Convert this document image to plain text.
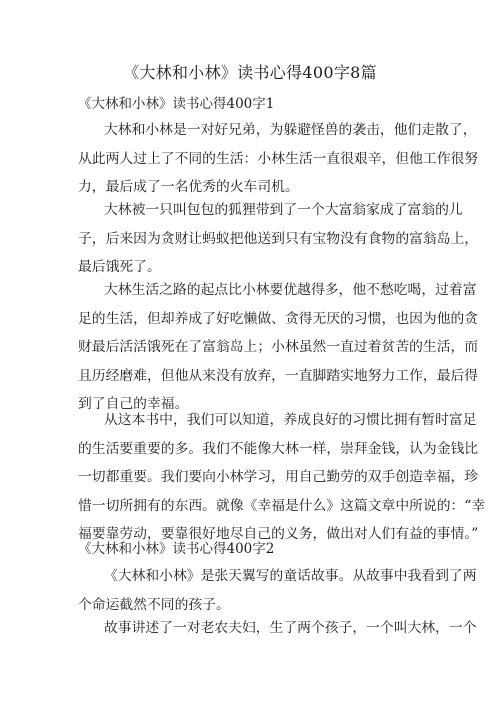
《大林和小林》读书心得400字8篇
《大林和小林》读书心得400字1
大林和小林是一对好兄弟，为躲避怪兽的袭击，他们走散了，
从此两人过上了不同的生活：小林生活一直很艰辛，但他工作很努
力，最后成了一名优秀的火车司机。
大林被一只叫包包的狐狸带到了一个大富翁家成了富翁的儿
子，后来因为贪财让蚂蚁把他送到只有宝物没有食物的富翁岛上，
最后饿死了。
大林生活之路的起点比小林要优越得多，他不愁吃喝，过着富
足的生活，但却养成了好吃懒做、贪得无厌的习惯，也因为他的贪
财最后活活饿死在了富翁岛上；小林虽然一直过着贫苦的生活，而
且历经磨难，但他从来没有放弃，一直脚踏实地努力工作，最后得
到了自己的幸福。
从这本书中，我们可以知道，养成良好的习惯比拥有暂时富足
的生活要重要的多。我们不能像大林一样，崇拜金钱，认为金钱比
一切都重要。我们要向小林学习，用自己勤劳的双手创造幸福，珍
惜一切所拥有的东西。就像《幸福是什么》这篇文章中所说的：“幸
福要靠劳动，要靠很好地尽自己的义务，做出对人们有益的事情。”
《大林和小林》读书心得400字2
《大林和小林》是张天翼写的童话故事。从故事中我看到了两
个命运截然不同的孩子。
故事讲述了一对老农夫妇，生了两个孩子，一个叫大林，一个
